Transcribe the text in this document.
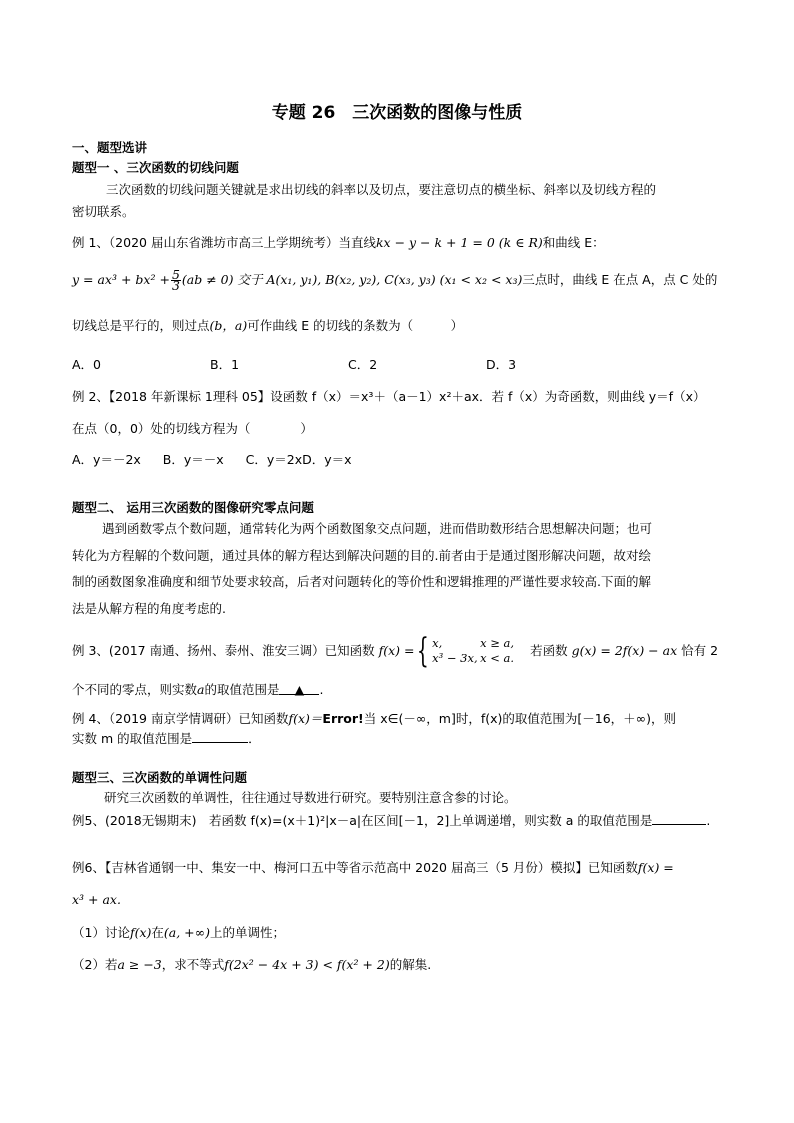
专题 26　三次函数的图像与性质
一、题型选讲
题型一 、三次函数的切线问题
三次函数的切线问题关键就是求出切线的斜率以及切点，要注意切点的横坐标、斜率以及切线方程的
密切联系。
例 1、（2020 届山东省潍坊市高三上学期统考）当直线kx − y − k + 1 = 0 (k ∈ R)和曲线 E：
$y = ax^3 + bx^2 + \frac{5}{3} (ab \ne 0)$ 交于 A(x₁, y₁), B(x₂, y₂), C(x₃, y₃) (x₁ < x₂ < x₃)三点时，曲线 E 在点 A，点 C 处的
切线总是平行的，则过点(b，a)可作曲线 E 的切线的条数为（　　　）
A．0	B．1	C．2	D．3
例 2、【2018 年新课标 1理科 05】设函数 f（x）＝x³＋（a－1）x²＋ax．若 f（x）为奇函数，则曲线 y＝f（x）
在点（0，0）处的切线方程为（　　　　）
A．y＝－2x B．y＝－x C．y＝2xD．y＝x
题型二、 运用三次函数的图像研究零点问题
遇到函数零点个数问题，通常转化为两个函数图象交点问题，进而借助数形结合思想解决问题；也可
转化为方程解的个数问题，通过具体的解方程达到解决问题的目的.前者由于是通过图形解决问题，故对绘
制的函数图象准确度和细节处要求较高，后者对问题转化的等价性和逻辑推理的严谨性要求较高.下面的解
法是从解方程的角度考虑的.
例 3、(2017 南通、扬州、泰州、淮安三调）已知函数 f(x) = { x,	x ≥ a,
x³ − 3x, x < a. 若函数 g(x) = 2f(x) − ax 恰有 2
个不同的零点，则实数a的取值范围是 ▲ .
例 4、（2019 南京学情调研）已知函数f(x)＝Error!当 x∈(－∞，m]时，f(x)的取值范围为[－16，＋∞)，则
实数 m 的取值范围是	．
题型三、三次函数的单调性问题
研究三次函数的单调性，往往通过导数进行研究。要特别注意含参的讨论。
例5、(2018无锡期末)　若函数 f(x)=(x＋1)²|x－a|在区间[－1，2]上单调递增，则实数 a 的取值范围是	.
例6、【吉林省通钢一中、集安一中、梅河口五中等省示范高中 2020 届高三（5 月份）模拟】已知函数f(x) =
x³ + ax.
（1）讨论f(x)在(a, +∞)上的单调性；
（2）若a ≥ −3，求不等式f(2x² − 4x + 3) < f(x² + 2)的解集.
